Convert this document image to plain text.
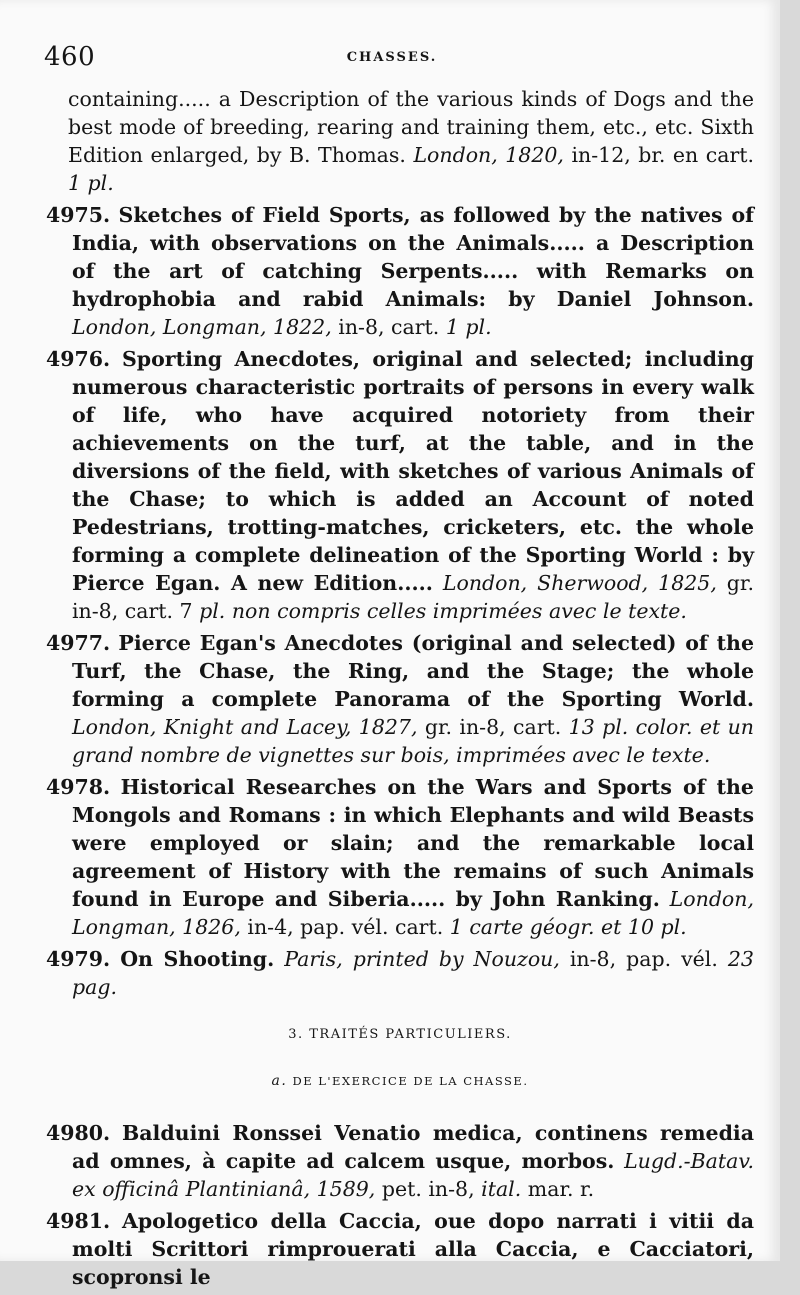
460	CHASSES.

containing..... a Description of the various kinds of Dogs and the best mode of breeding, rearing and training them, etc., etc. Sixth Edition enlarged, by B. Thomas. London, 1820, in-12, br. en cart. 1 pl.

4975. Sketches of Field Sports, as followed by the natives of India, with observations on the Animals..... a Description of the art of catching Serpents..... with Remarks on hydrophobia and rabid Animals: by Daniel Johnson. London, Longman, 1822, in-8, cart. 1 pl.

4976. Sporting Anecdotes, original and selected; including numerous characteristic portraits of persons in every walk of life, who have acquired notoriety from their achievements on the turf, at the table, and in the diversions of the field, with sketches of various Animals of the Chase; to which is added an Account of noted Pedestrians, trotting-matches, cricketers, etc. the whole forming a complete delineation of the Sporting World : by Pierce Egan. A new Edition..... London, Sherwood, 1825, gr. in-8, cart. 7 pl. non compris celles imprimées avec le texte.

4977. Pierce Egan's Anecdotes (original and selected) of the Turf, the Chase, the Ring, and the Stage; the whole forming a complete Panorama of the Sporting World. London, Knight and Lacey, 1827, gr. in-8, cart. 13 pl. color. et un grand nombre de vignettes sur bois, imprimées avec le texte.

4978. Historical Researches on the Wars and Sports of the Mongols and Romans : in which Elephants and wild Beasts were employed or slain; and the remarkable local agreement of History with the remains of such Animals found in Europe and Siberia..... by John Ranking. London, Longman, 1826, in-4, pap. vél. cart. 1 carte géogr. et 10 pl.

4979. On Shooting. Paris, printed by Nouzou, in-8, pap. vél. 23 pag.

3. TRAITÉS PARTICULIERS.
a. DE L'EXERCICE DE LA CHASSE.

4980. Balduini Ronssei Venatio medica, continens remedia ad omnes, à capite ad calcem usque, morbos. Lugd.-Batav. ex officinâ Plantinianâ, 1589, pet. in-8, ital. mar. r.

4981. Apologetico della Caccia, oue dopo narrati i vitii da molti Scrittori rimprouerati alla Caccia, e Cacciatori, scopronsi le
